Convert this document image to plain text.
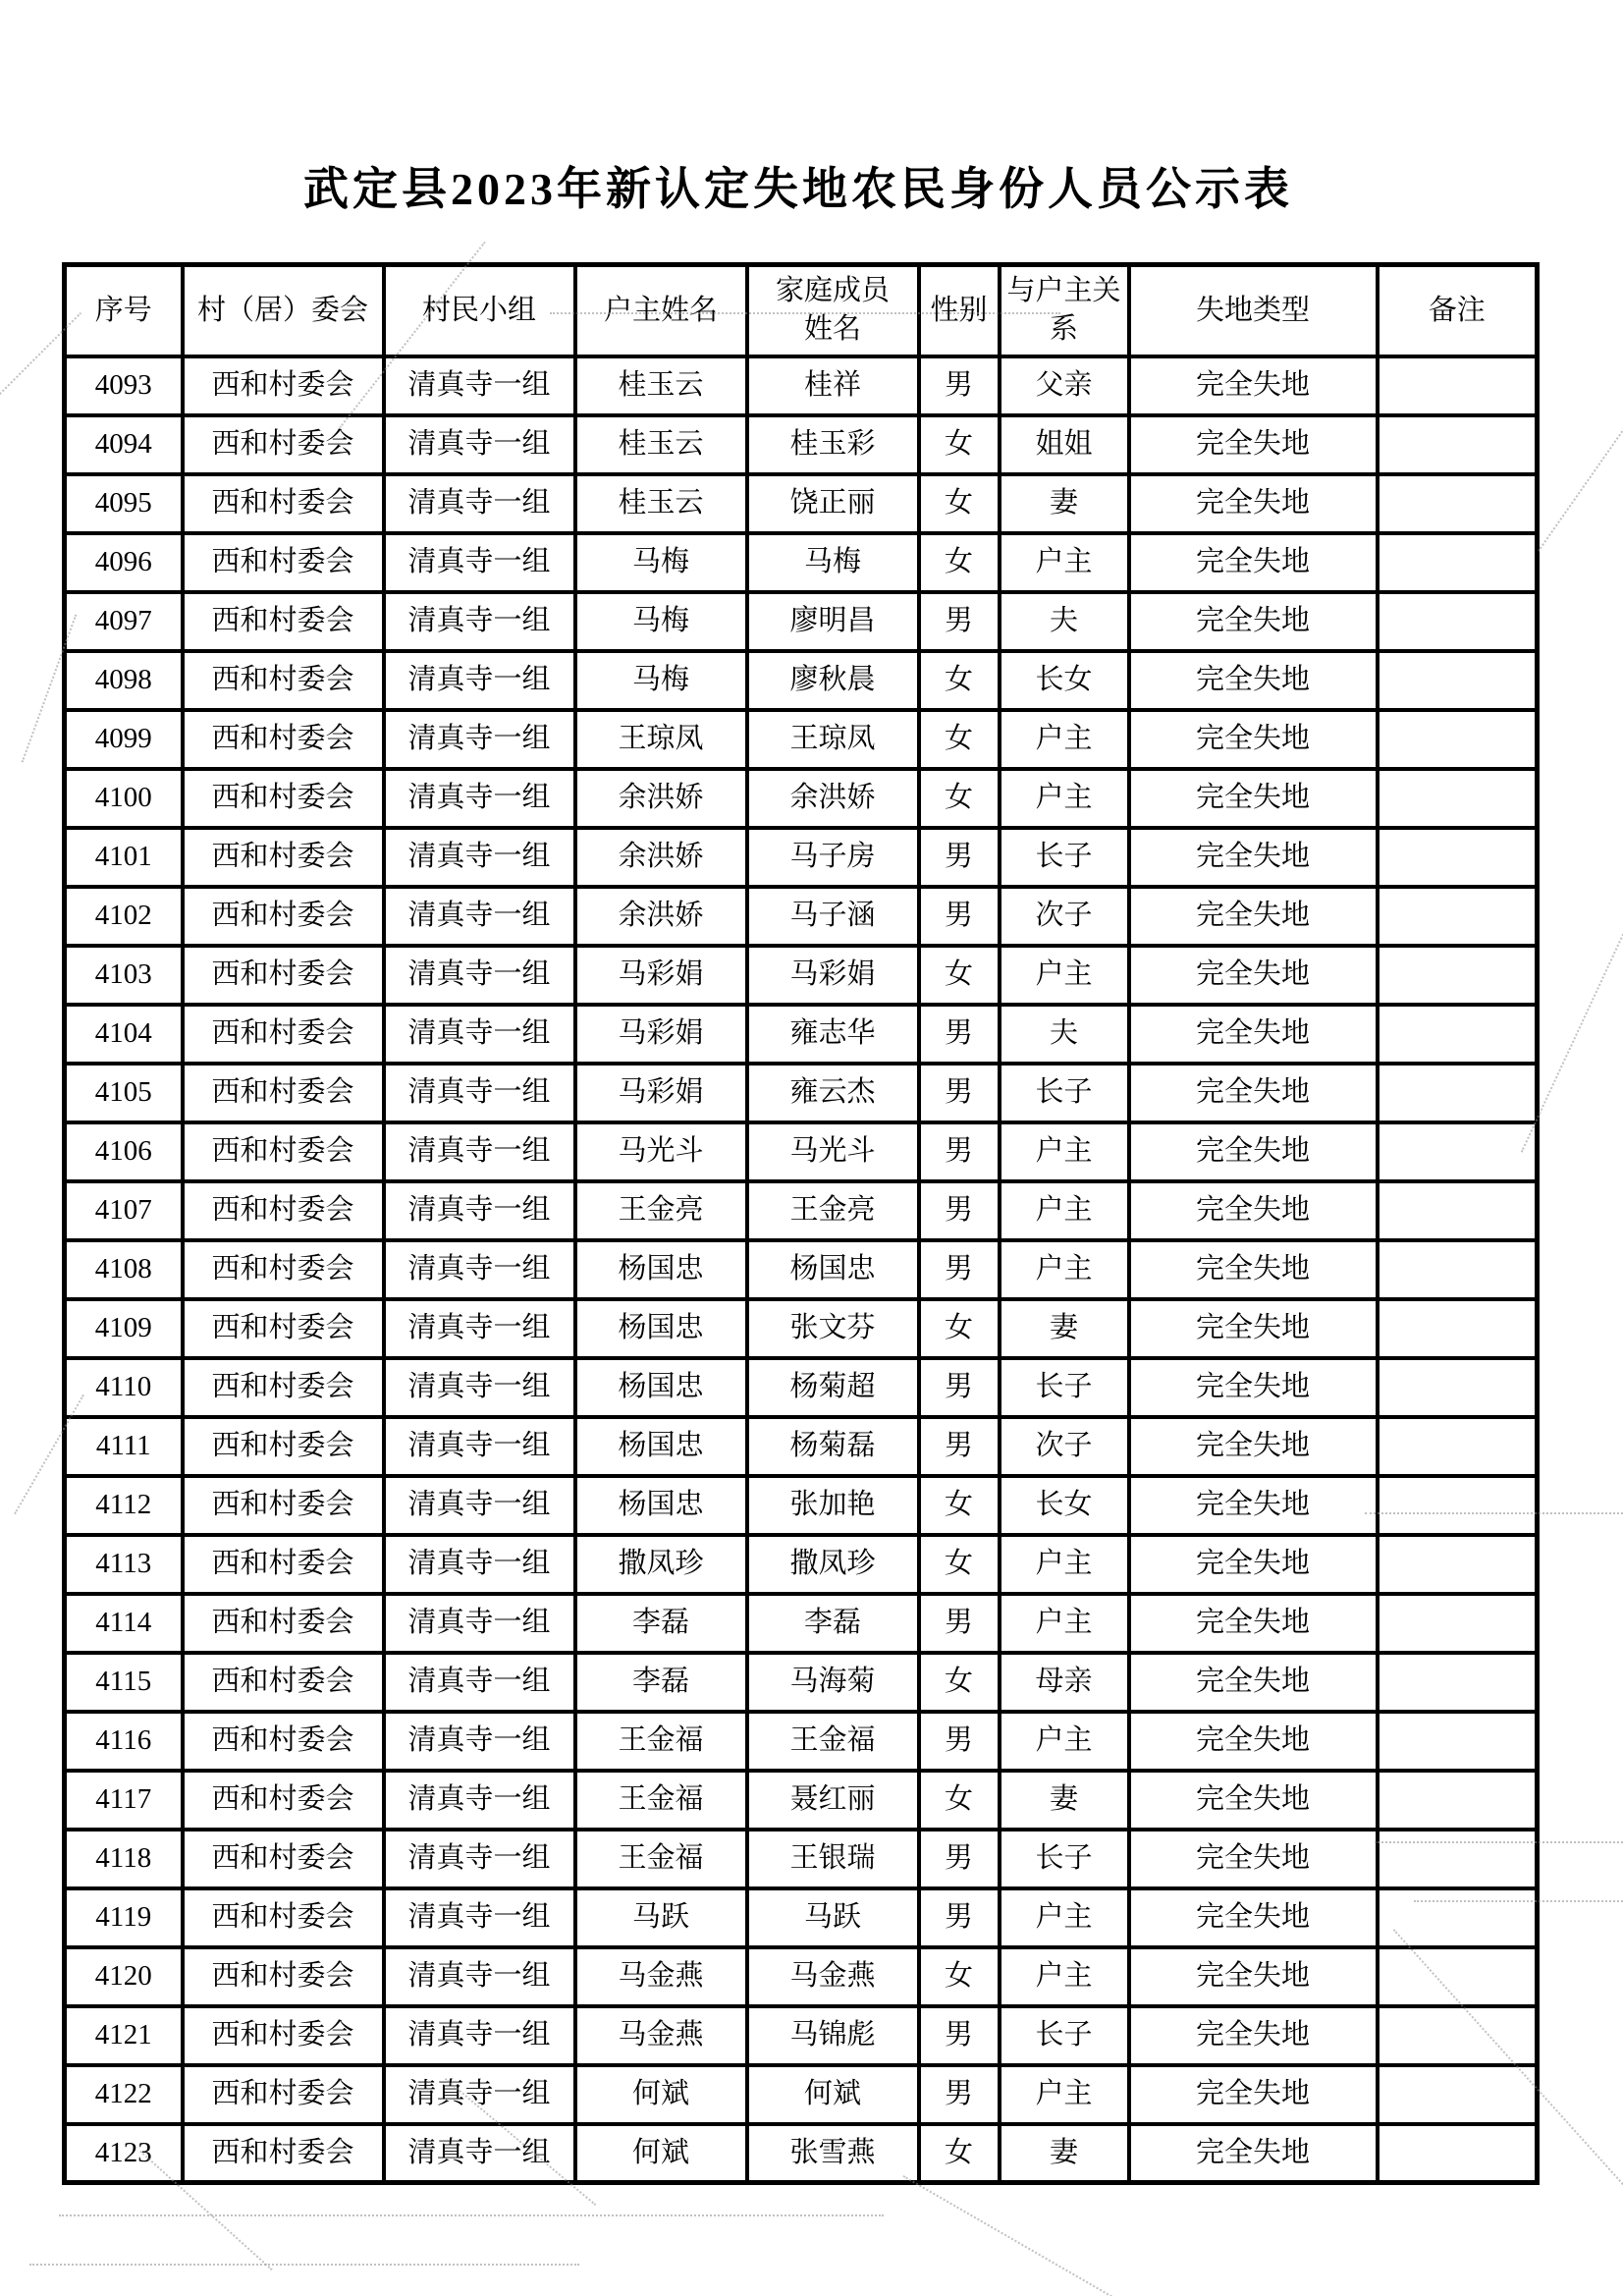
武定县2023年新认定失地农民身份人员公示表
序号	村（居）委会	村民小组	户主姓名	家庭成员姓名	性别	与户主关系	失地类型	备注
4093	西和村委会	清真寺一组	桂玉云	桂祥	男	父亲	完全失地	
4094	西和村委会	清真寺一组	桂玉云	桂玉彩	女	姐姐	完全失地	
4095	西和村委会	清真寺一组	桂玉云	饶正丽	女	妻	完全失地	
4096	西和村委会	清真寺一组	马梅	马梅	女	户主	完全失地	
4097	西和村委会	清真寺一组	马梅	廖明昌	男	夫	完全失地	
4098	西和村委会	清真寺一组	马梅	廖秋晨	女	长女	完全失地	
4099	西和村委会	清真寺一组	王琼凤	王琼凤	女	户主	完全失地	
4100	西和村委会	清真寺一组	余洪娇	余洪娇	女	户主	完全失地	
4101	西和村委会	清真寺一组	余洪娇	马子房	男	长子	完全失地	
4102	西和村委会	清真寺一组	余洪娇	马子涵	男	次子	完全失地	
4103	西和村委会	清真寺一组	马彩娟	马彩娟	女	户主	完全失地	
4104	西和村委会	清真寺一组	马彩娟	雍志华	男	夫	完全失地	
4105	西和村委会	清真寺一组	马彩娟	雍云杰	男	长子	完全失地	
4106	西和村委会	清真寺一组	马光斗	马光斗	男	户主	完全失地	
4107	西和村委会	清真寺一组	王金亮	王金亮	男	户主	完全失地	
4108	西和村委会	清真寺一组	杨国忠	杨国忠	男	户主	完全失地	
4109	西和村委会	清真寺一组	杨国忠	张文芬	女	妻	完全失地	
4110	西和村委会	清真寺一组	杨国忠	杨菊超	男	长子	完全失地	
4111	西和村委会	清真寺一组	杨国忠	杨菊磊	男	次子	完全失地	
4112	西和村委会	清真寺一组	杨国忠	张加艳	女	长女	完全失地	
4113	西和村委会	清真寺一组	撒凤珍	撒凤珍	女	户主	完全失地	
4114	西和村委会	清真寺一组	李磊	李磊	男	户主	完全失地	
4115	西和村委会	清真寺一组	李磊	马海菊	女	母亲	完全失地	
4116	西和村委会	清真寺一组	王金福	王金福	男	户主	完全失地	
4117	西和村委会	清真寺一组	王金福	聂红丽	女	妻	完全失地	
4118	西和村委会	清真寺一组	王金福	王银瑞	男	长子	完全失地	
4119	西和村委会	清真寺一组	马跃	马跃	男	户主	完全失地	
4120	西和村委会	清真寺一组	马金燕	马金燕	女	户主	完全失地	
4121	西和村委会	清真寺一组	马金燕	马锦彪	男	长子	完全失地	
4122	西和村委会	清真寺一组	何斌	何斌	男	户主	完全失地	
4123	西和村委会	清真寺一组	何斌	张雪燕	女	妻	完全失地	
